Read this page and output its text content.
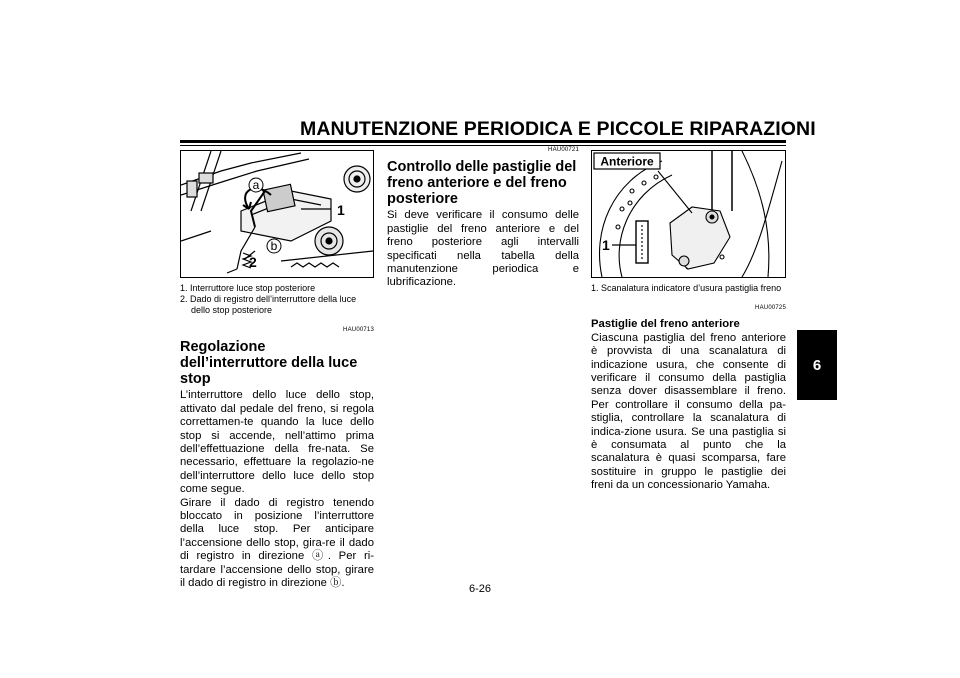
MANUTENZIONE PERIODICA E PICCOLE RIPARAZIONI
6
a
b
1
2
1. Interruttore luce stop posteriore
2. Dado di registro dell’interruttore della luce dello stop posteriore
HAU00713
Regolazione dell’interruttore della luce stop

L’interruttore dello luce dello stop, attivato dal pedale del freno, si regola correttamen-te quando la luce dello stop si accende, nell’attimo prima dell’effettuazione della fre-nata. Se necessario, effettuare la regolazio-ne dell’interruttore dello luce dello stop come segue.

Girare il dado di registro tenendo bloccato in posizione l’interruttore della luce stop. Per anticipare l’accensione dello stop, gira-re il dado di registro in direzione ⓐ. Per ri-tardare l’accensione dello stop, girare il dado di registro in direzione ⓑ.

HAU00721
Controllo delle pastiglie del freno anteriore e del freno posteriore

Si deve verificare il consumo delle pastiglie del freno anteriore e del freno posteriore agli intervalli specificati nella tabella della manutenzione periodica e lubrificazione.

Anteriore
1
1. Scanalatura indicatore d’usura pastiglia freno
HAU00725
Pastiglie del freno anteriore

Ciascuna pastiglia del freno anteriore è provvista di una scanalatura di indicazione usura, che consente di verificare il consumo della pastiglia senza dover disassemblare il freno. Per controllare il consumo della pa-stiglia, controllare la scanalatura di indica-zione usura. Se una pastiglia si è consumata al punto che la scanalatura è quasi scomparsa, fare sostituire in gruppo le pastiglie dei freni da un concessionario Yamaha.

6-26
